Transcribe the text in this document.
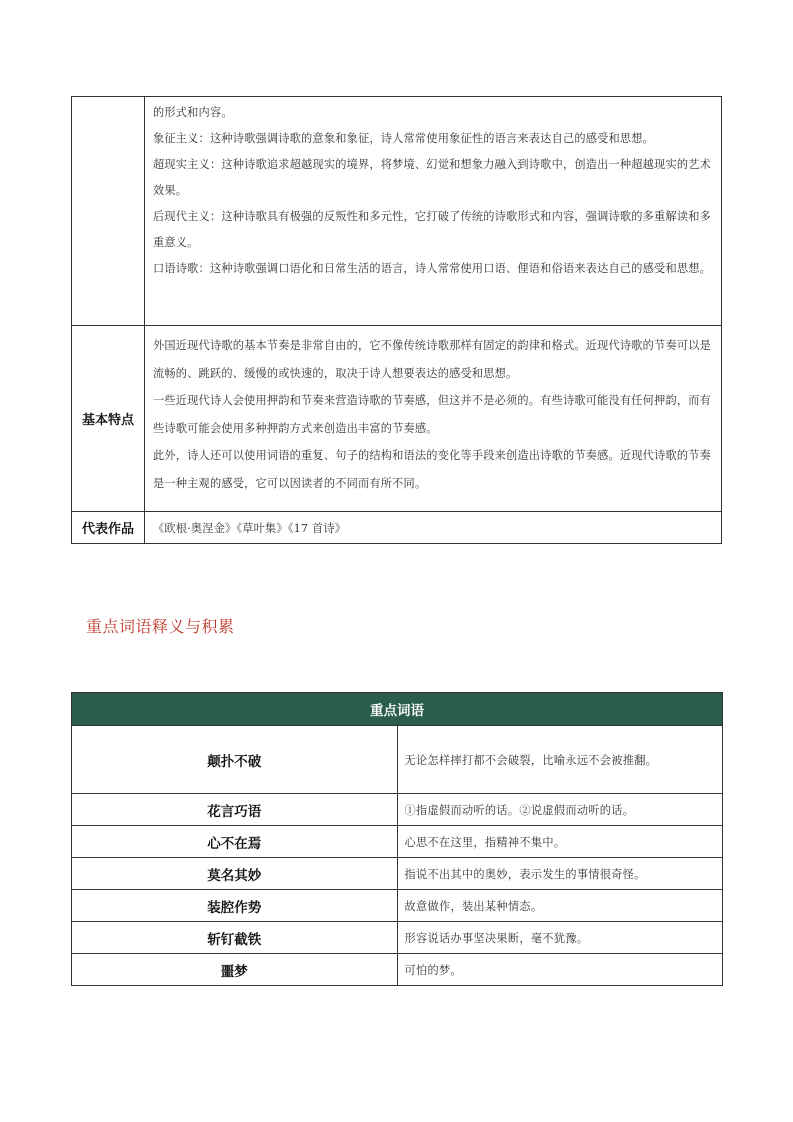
	的形式和内容。
象征主义：这种诗歌强调诗歌的意象和象征，诗人常常使用象征性的语言来表达自己的感受和思想。
超现实主义：这种诗歌追求超越现实的境界，将梦境、幻觉和想象力融入到诗歌中，创造出一种超越现实的艺术效果。
后现代主义：这种诗歌具有极强的反叛性和多元性，它打破了传统的诗歌形式和内容，强调诗歌的多重解读和多重意义。
口语诗歌：这种诗歌强调口语化和日常生活的语言，诗人常常使用口语、俚语和俗语来表达自己的感受和思想。

基本特点	外国近现代诗歌的基本节奏是非常自由的，它不像传统诗歌那样有固定的韵律和格式。近现代诗歌的节奏可以是流畅的、跳跃的、缓慢的或快速的，取决于诗人想要表达的感受和思想。
一些近现代诗人会使用押韵和节奏来营造诗歌的节奏感，但这并不是必须的。有些诗歌可能没有任何押韵，而有些诗歌可能会使用多种押韵方式来创造出丰富的节奏感。
此外，诗人还可以使用词语的重复、句子的结构和语法的变化等手段来创造出诗歌的节奏感。近现代诗歌的节奏是一种主观的感受，它可以因读者的不同而有所不同。

代表作品	《欧根·奥涅金》《草叶集》《17 首诗》
重点词语释义与积累
重点词语	
颠扑不破	无论怎样摔打都不会破裂，比喻永远不会被推翻。
花言巧语	①指虚假而动听的话。②说虚假而动听的话。
心不在焉	心思不在这里，指精神不集中。
莫名其妙	指说不出其中的奥妙，表示发生的事情很奇怪。
装腔作势	故意做作，装出某种情态。
斩钉截铁	形容说话办事坚决果断，毫不犹豫。
噩梦	可怕的梦。
